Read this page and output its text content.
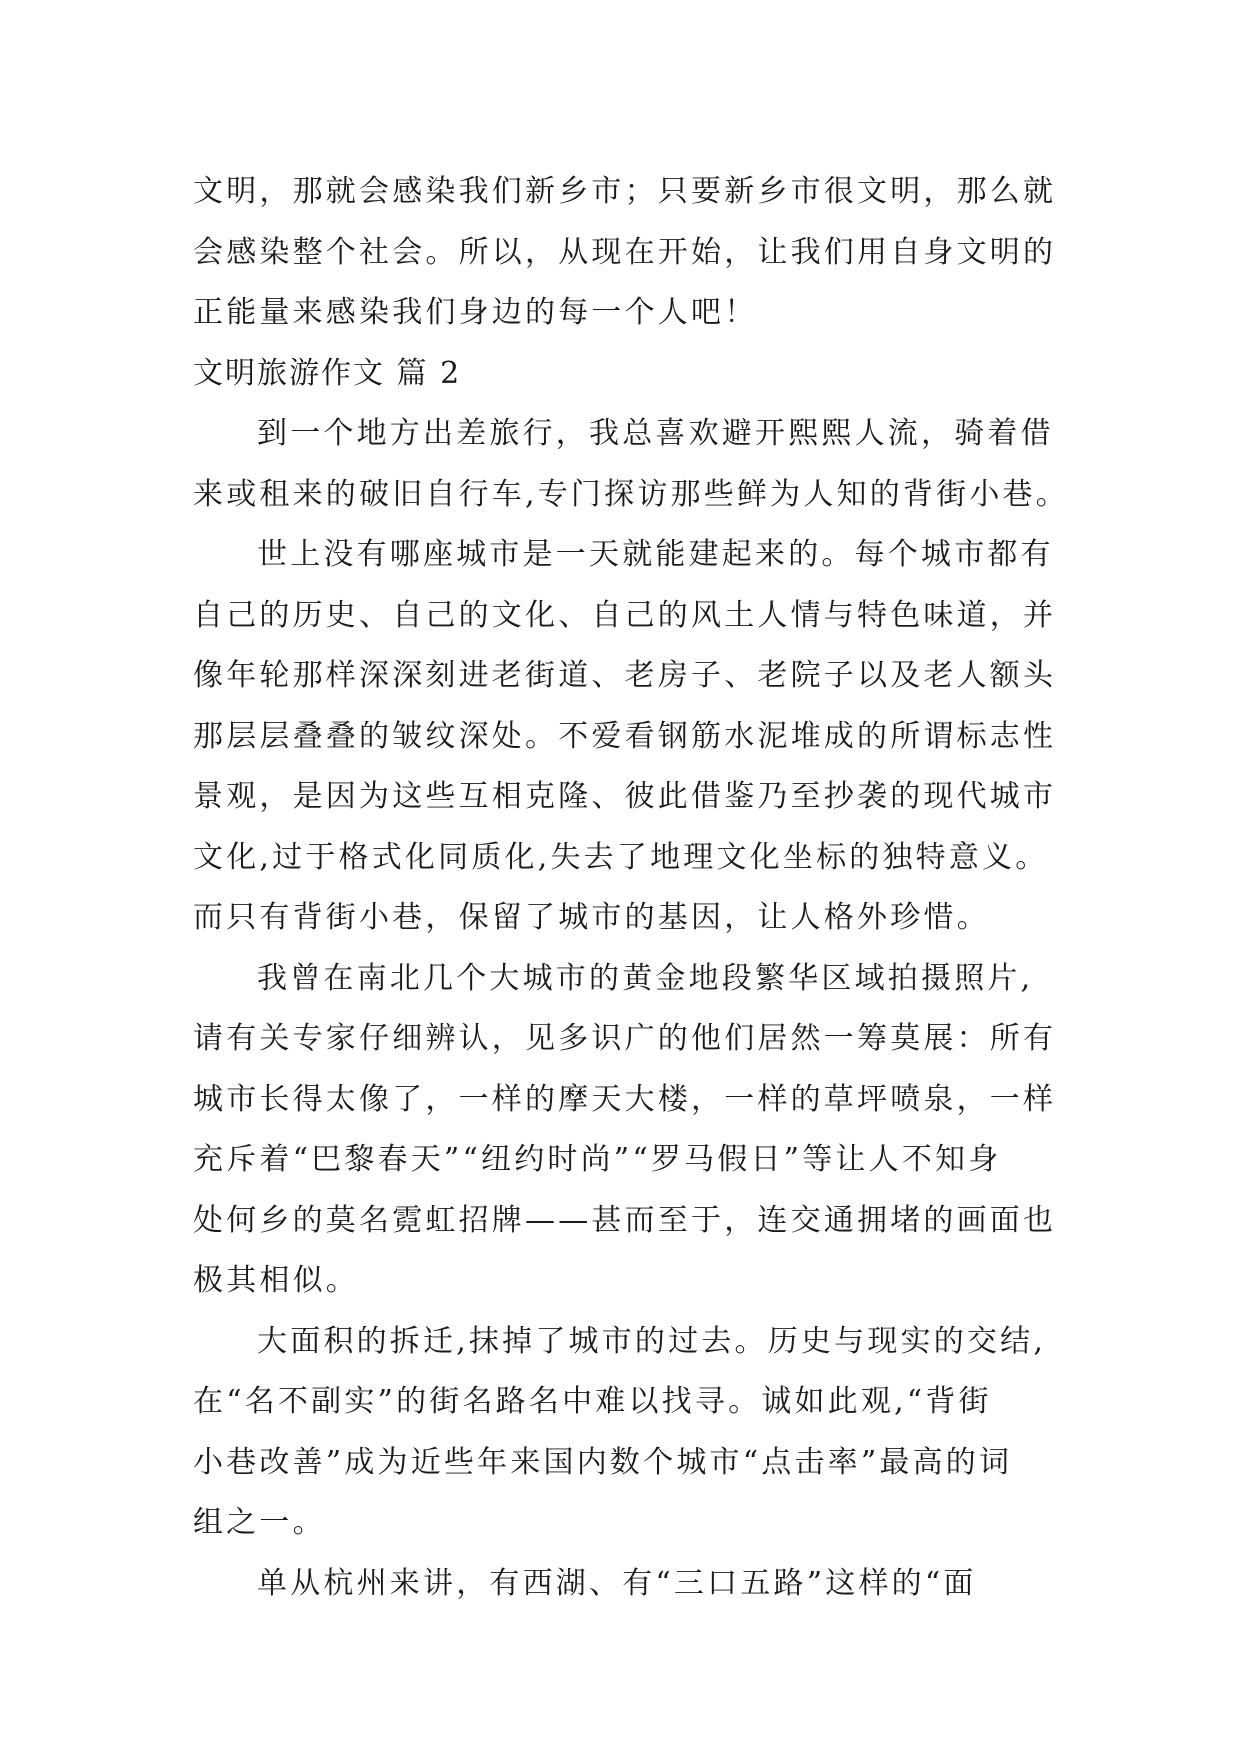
文明，那就会感染我们新乡市；只要新乡市很文明，那么就
会感染整个社会。所以，从现在开始，让我们用自身文明的
正能量来感染我们身边的每一个人吧！
文明旅游作文 篇 2
到一个地方出差旅行，我总喜欢避开熙熙人流，骑着借
来或租来的破旧自行车,专门探访那些鲜为人知的背街小巷。
世上没有哪座城市是一天就能建起来的。每个城市都有
自己的历史、自己的文化、自己的风土人情与特色味道，并
像年轮那样深深刻进老街道、老房子、老院子以及老人额头
那层层叠叠的皱纹深处。不爱看钢筋水泥堆成的所谓标志性
景观，是因为这些互相克隆、彼此借鉴乃至抄袭的现代城市
文化,过于格式化同质化,失去了地理文化坐标的独特意义。
而只有背街小巷，保留了城市的基因，让人格外珍惜。
我曾在南北几个大城市的黄金地段繁华区域拍摄照片,
请有关专家仔细辨认，见多识广的他们居然一筹莫展：所有
城市长得太像了，一样的摩天大楼，一样的草坪喷泉，一样
充斥着“巴黎春天”“纽约时尚”“罗马假日”等让人不知身
处何乡的莫名霓虹招牌——甚而至于，连交通拥堵的画面也
极其相似。
大面积的拆迁,抹掉了城市的过去。历史与现实的交结,
在“名不副实”的街名路名中难以找寻。诚如此观,“背街
小巷改善”成为近些年来国内数个城市“点击率”最高的词
组之一。
单从杭州来讲，有西湖、有“三口五路”这样的“面
